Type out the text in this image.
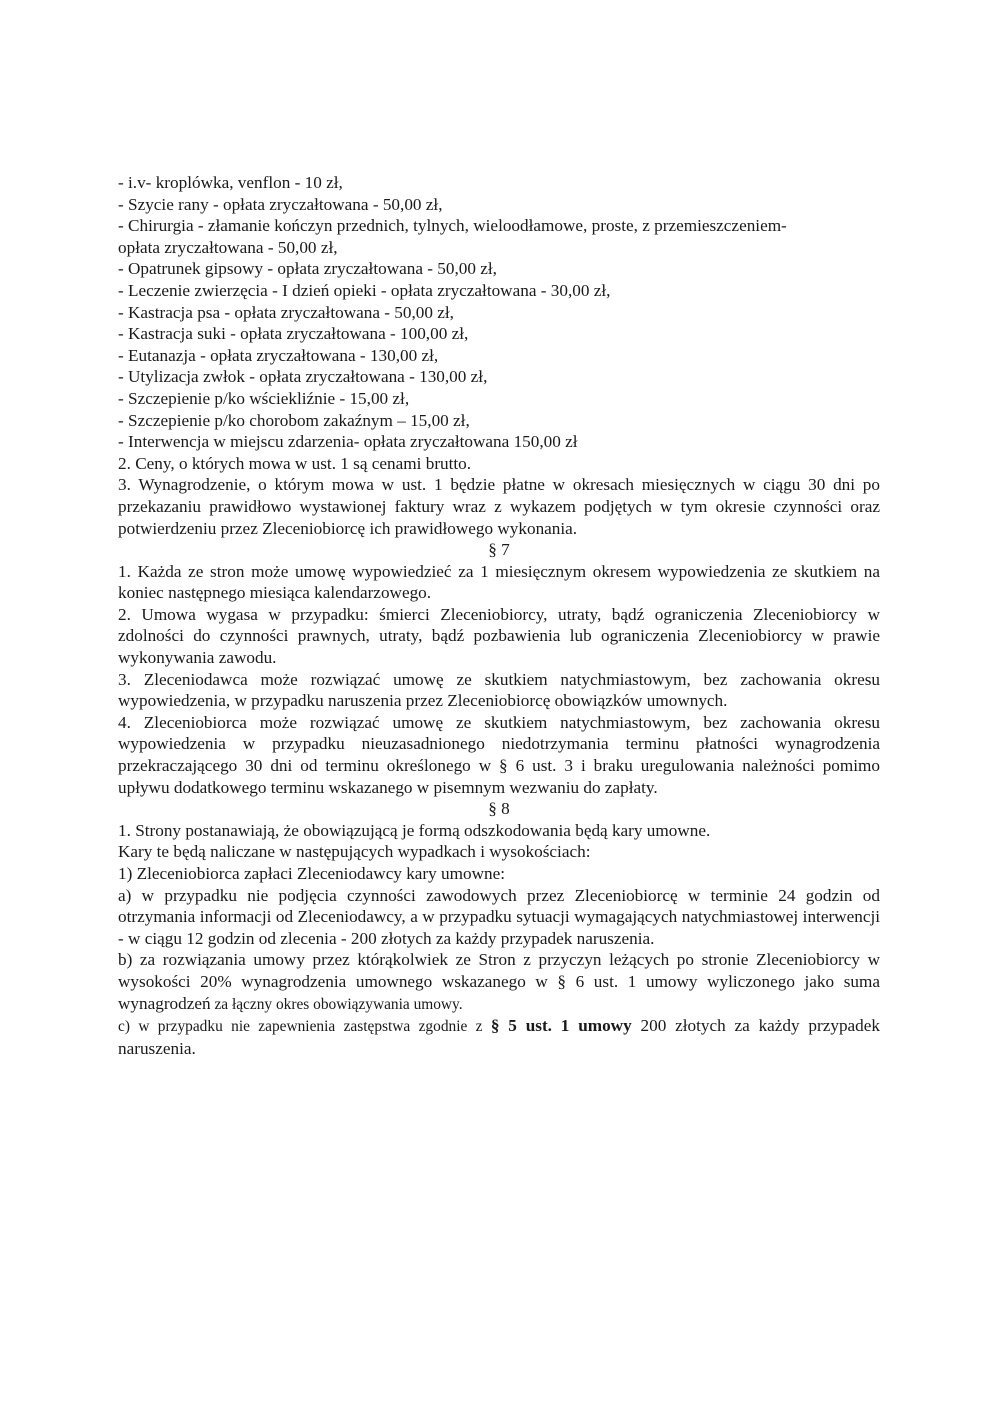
- i.v- kroplówka, venflon - 10 zł,

- Szycie rany - opłata zryczałtowana - 50,00 zł,

- Chirurgia - złamanie kończyn przednich, tylnych, wieloodłamowe, proste, z przemieszczeniem-

opłata zryczałtowana - 50,00 zł,

- Opatrunek gipsowy - opłata zryczałtowana - 50,00 zł,

- Leczenie zwierzęcia - I dzień opieki - opłata zryczałtowana - 30,00 zł,

- Kastracja psa - opłata zryczałtowana - 50,00 zł,

- Kastracja suki - opłata zryczałtowana - 100,00 zł,

- Eutanazja - opłata zryczałtowana - 130,00 zł,

- Utylizacja zwłok - opłata zryczałtowana - 130,00 zł,

- Szczepienie p/ko wściekliźnie - 15,00 zł,

- Szczepienie p/ko chorobom zakaźnym – 15,00 zł,

- Interwencja w miejscu zdarzenia- opłata zryczałtowana 150,00 zł

2. Ceny, o których mowa w ust. 1 są cenami brutto.

3. Wynagrodzenie, o którym mowa w ust. 1 będzie płatne w okresach miesięcznych w ciągu 30 dni po przekazaniu prawidłowo wystawionej faktury wraz z wykazem podjętych w tym okresie czynności oraz potwierdzeniu przez Zleceniobiorcę ich prawidłowego wykonania.

§ 7

1. Każda ze stron może umowę wypowiedzieć za 1 miesięcznym okresem wypowiedzenia ze skutkiem na koniec następnego miesiąca kalendarzowego.

2. Umowa wygasa w przypadku: śmierci Zleceniobiorcy, utraty, bądź ograniczenia Zleceniobiorcy w zdolności do czynności prawnych, utraty, bądź pozbawienia lub ograniczenia Zleceniobiorcy w prawie wykonywania zawodu.

3. Zleceniodawca może rozwiązać umowę ze skutkiem natychmiastowym, bez zachowania okresu wypowiedzenia, w przypadku naruszenia przez Zleceniobiorcę obowiązków umownych.

4. Zleceniobiorca może rozwiązać umowę ze skutkiem natychmiastowym, bez zachowania okresu wypowiedzenia w przypadku nieuzasadnionego niedotrzymania terminu płatności wynagrodzenia przekraczającego 30 dni od terminu określonego w § 6 ust. 3 i braku uregulowania należności pomimo upływu dodatkowego terminu wskazanego w pisemnym wezwaniu do zapłaty.

§ 8

1. Strony postanawiają, że obowiązującą je formą odszkodowania będą kary umowne.

Kary te będą naliczane w następujących wypadkach i wysokościach:

1) Zleceniobiorca zapłaci Zleceniodawcy kary umowne:

a) w przypadku nie podjęcia czynności zawodowych przez Zleceniobiorcę w terminie 24 godzin od otrzymania informacji od Zleceniodawcy, a w przypadku sytuacji wymagających natychmiastowej interwencji - w ciągu 12 godzin od zlecenia - 200 złotych za każdy przypadek naruszenia.

b) za rozwiązania umowy przez którąkolwiek ze Stron z przyczyn leżących po stronie Zleceniobiorcy w wysokości 20% wynagrodzenia umownego wskazanego w § 6 ust. 1 umowy wyliczonego jako suma wynagrodzeń za łączny okres obowiązywania umowy.

c) w przypadku nie zapewnienia zastępstwa zgodnie z § 5 ust. 1 umowy 200 złotych za każdy przypadek naruszenia.
